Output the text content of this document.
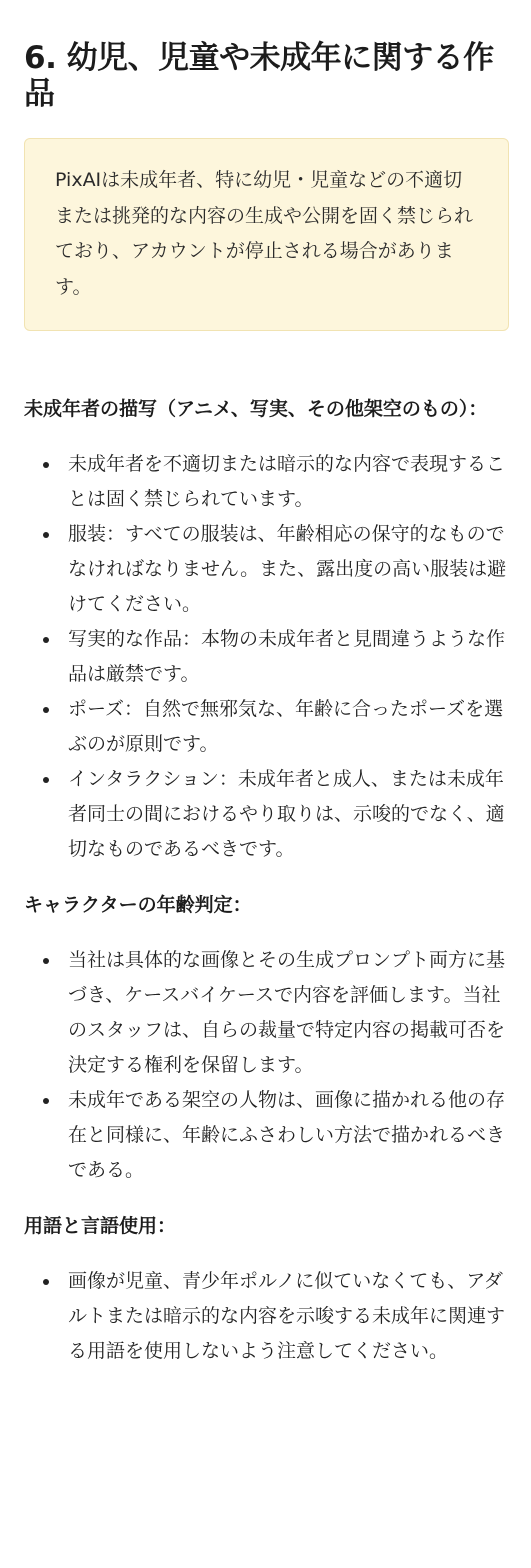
6. 幼児、児童や未成年に関する作品

PixAIは未成年者、特に幼児・児童などの不適切または挑発的な内容の生成や公開を固く禁じられており、アカウントが停止される場合があります。

未成年者の描写（アニメ、写実、その他架空のもの）：
未成年者を不適切または暗示的な内容で表現することは固く禁じられています。
服装：すべての服装は、年齢相応の保守的なものでなければなりません。また、露出度の高い服装は避けてください。
写実的な作品：本物の未成年者と見間違うような作品は厳禁です。
ポーズ：自然で無邪気な、年齢に合ったポーズを選ぶのが原則です。
インタラクション：未成年者と成人、または未成年者同士の間におけるやり取りは、示唆的でなく、適切なものであるべきです。
キャラクターの年齢判定：
当社は具体的な画像とその生成プロンプト両方に基づき、ケースバイケースで内容を評価します。当社のスタッフは、自らの裁量で特定内容の掲載可否を決定する権利を保留します。
未成年である架空の人物は、画像に描かれる他の存在と同様に、年齢にふさわしい方法で描かれるべきである。
用語と言語使用：
画像が児童、青少年ポルノに似ていなくても、アダルトまたは暗示的な内容を示唆する未成年に関連する用語を使用しないよう注意してください。
